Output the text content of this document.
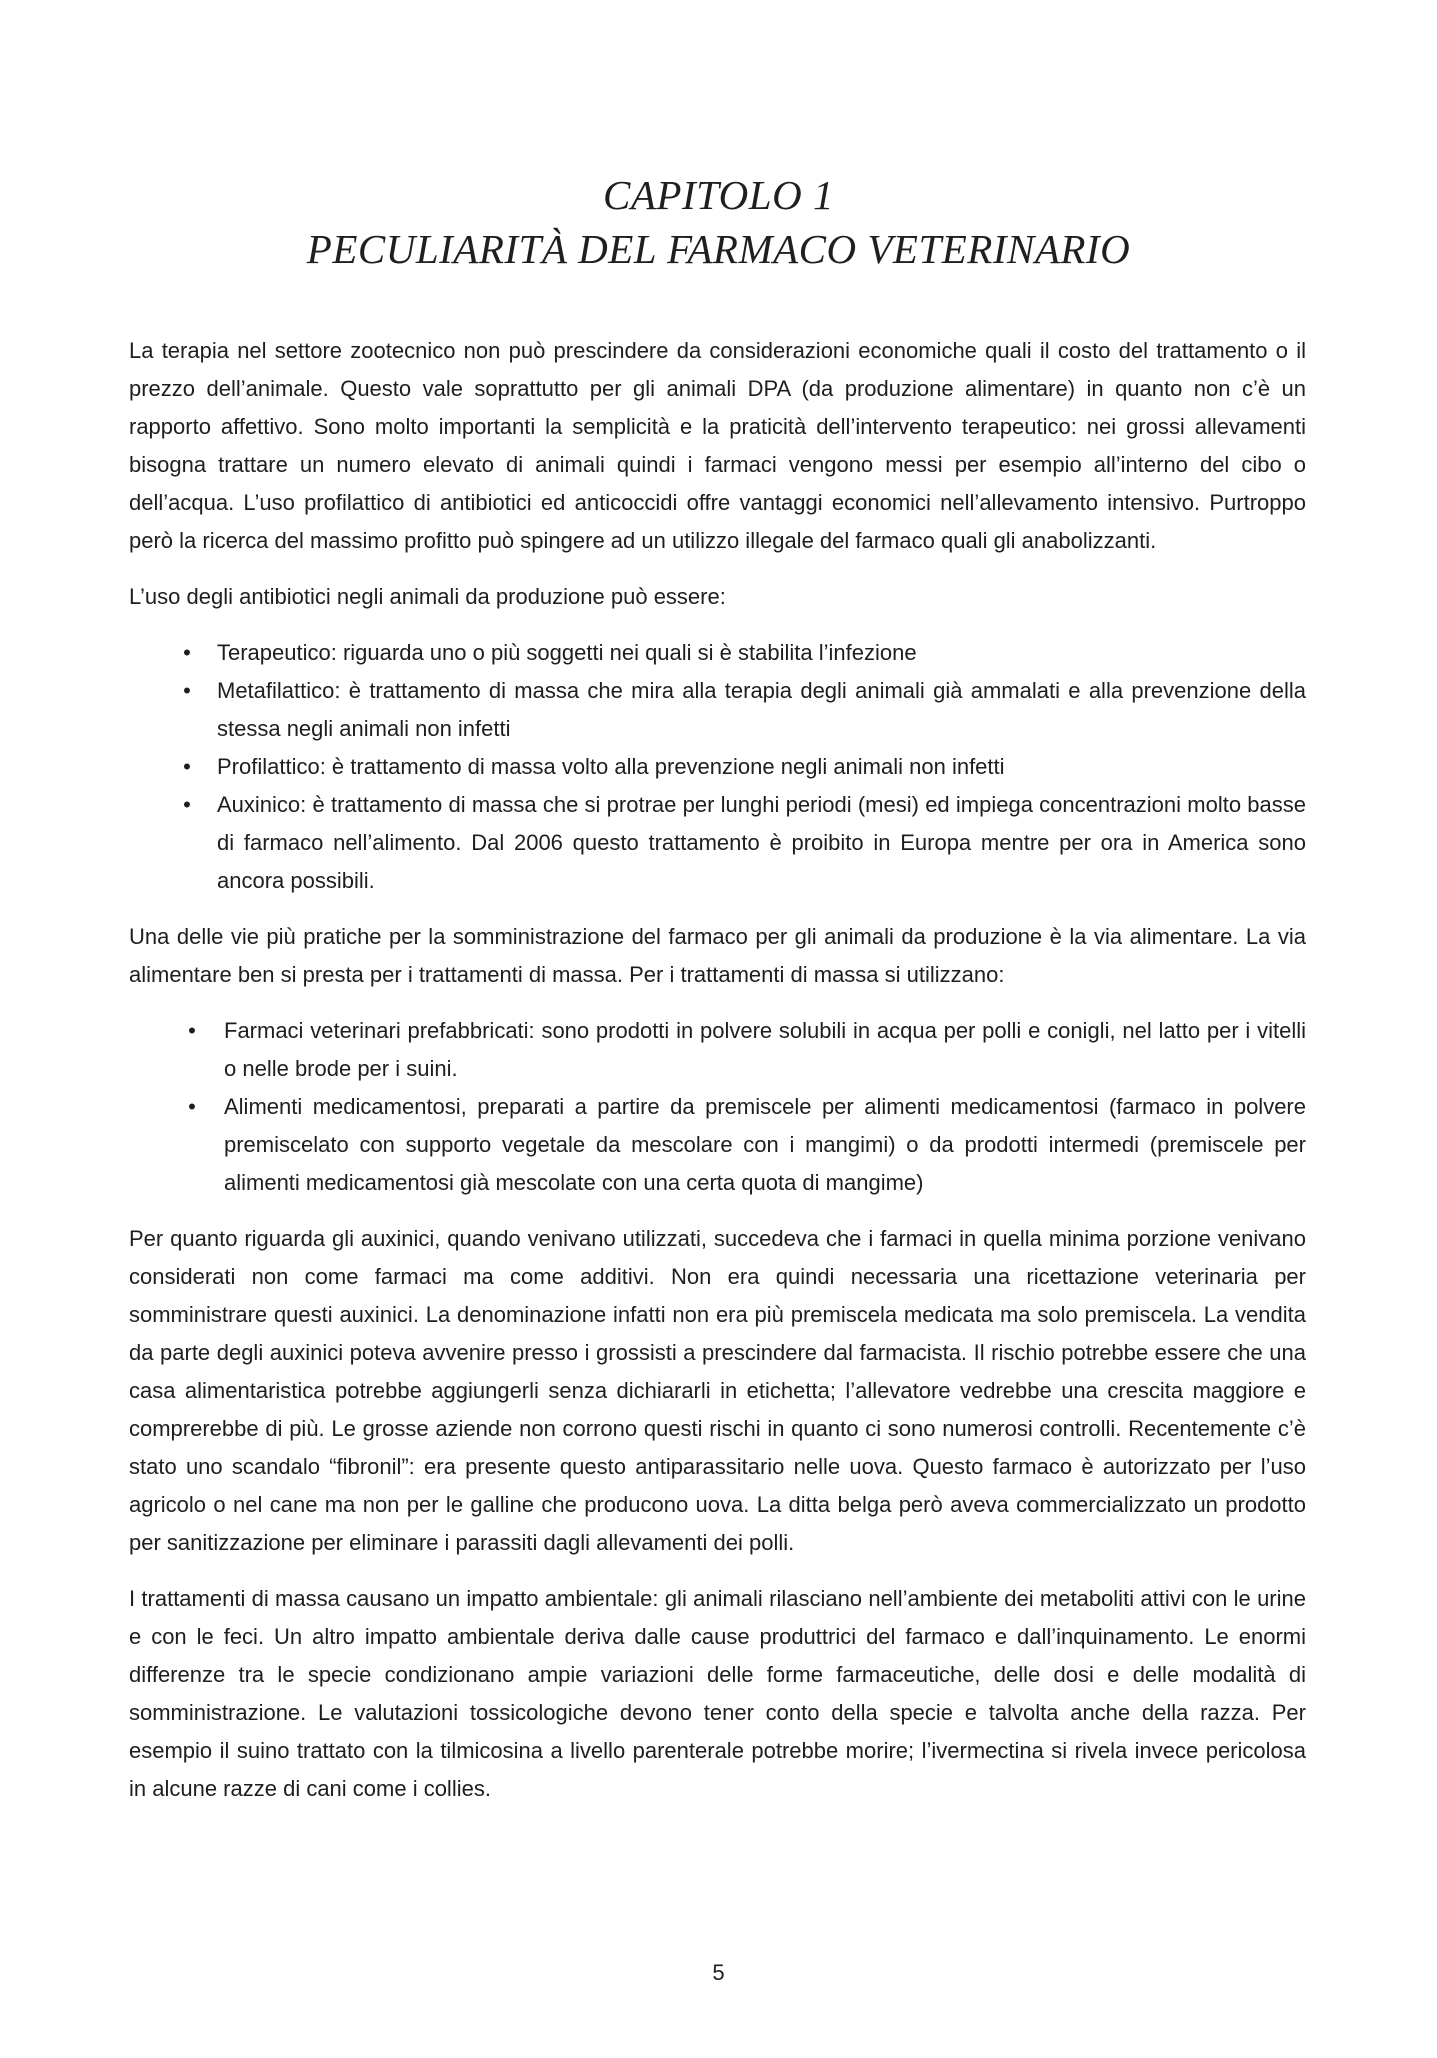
CAPITOLO 1
PECULIARITÀ DEL FARMACO VETERINARIO

La terapia nel settore zootecnico non può prescindere da considerazioni economiche quali il costo del trattamento o il prezzo dell’animale. Questo vale soprattutto per gli animali DPA (da produzione alimentare) in quanto non c’è un rapporto affettivo. Sono molto importanti la semplicità e la praticità dell’intervento terapeutico: nei grossi allevamenti bisogna trattare un numero elevato di animali quindi i farmaci vengono messi per esempio all’interno del cibo o dell’acqua. L’uso profilattico di antibiotici ed anticoccidi offre vantaggi economici nell’allevamento intensivo. Purtroppo però la ricerca del massimo profitto può spingere ad un utilizzo illegale del farmaco quali gli anabolizzanti.

L’uso degli antibiotici negli animali da produzione può essere:

• Terapeutico: riguarda uno o più soggetti nei quali si è stabilita l’infezione
• Metafilattico: è trattamento di massa che mira alla terapia degli animali già ammalati e alla prevenzione della stessa negli animali non infetti
• Profilattico: è trattamento di massa volto alla prevenzione negli animali non infetti
• Auxinico: è trattamento di massa che si protrae per lunghi periodi (mesi) ed impiega concentrazioni molto basse di farmaco nell’alimento. Dal 2006 questo trattamento è proibito in Europa mentre per ora in America sono ancora possibili.

Una delle vie più pratiche per la somministrazione del farmaco per gli animali da produzione è la via alimentare. La via alimentare ben si presta per i trattamenti di massa. Per i trattamenti di massa si utilizzano:

• Farmaci veterinari prefabbricati: sono prodotti in polvere solubili in acqua per polli e conigli, nel latto per i vitelli o nelle brode per i suini.
• Alimenti medicamentosi, preparati a partire da premiscele per alimenti medicamentosi (farmaco in polvere premiscelato con supporto vegetale da mescolare con i mangimi) o da prodotti intermedi (premiscele per alimenti medicamentosi già mescolate con una certa quota di mangime)

Per quanto riguarda gli auxinici, quando venivano utilizzati, succedeva che i farmaci in quella minima porzione venivano considerati non come farmaci ma come additivi. Non era quindi necessaria una ricettazione veterinaria per somministrare questi auxinici. La denominazione infatti non era più premiscela medicata ma solo premiscela. La vendita da parte degli auxinici poteva avvenire presso i grossisti a prescindere dal farmacista. Il rischio potrebbe essere che una casa alimentaristica potrebbe aggiungerli senza dichiararli in etichetta; l’allevatore vedrebbe una crescita maggiore e comprerebbe di più. Le grosse aziende non corrono questi rischi in quanto ci sono numerosi controlli. Recentemente c’è stato uno scandalo “fibronil”: era presente questo antiparassitario nelle uova. Questo farmaco è autorizzato per l’uso agricolo o nel cane ma non per le galline che producono uova. La ditta belga però aveva commercializzato un prodotto per sanitizzazione per eliminare i parassiti dagli allevamenti dei polli.

I trattamenti di massa causano un impatto ambientale: gli animali rilasciano nell’ambiente dei metaboliti attivi con le urine e con le feci. Un altro impatto ambientale deriva dalle cause produttrici del farmaco e dall’inquinamento. Le enormi differenze tra le specie condizionano ampie variazioni delle forme farmaceutiche, delle dosi e delle modalità di somministrazione. Le valutazioni tossicologiche devono tener conto della specie e talvolta anche della razza. Per esempio il suino trattato con la tilmicosina a livello parenterale potrebbe morire; l’ivermectina si rivela invece pericolosa in alcune razze di cani come i collies.

5
